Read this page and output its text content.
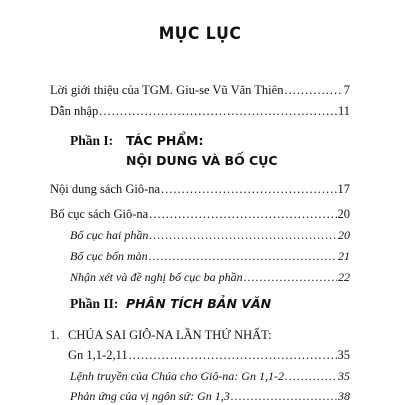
MỤC LỤC
Lời giới thiệu của TGM. Giu-se Vũ Văn Thiên .....	7
Dẫn nhập .....	11
Phần I: TÁC PHẨM:
NỘI DUNG VÀ BỐ CỤC
Nội dung sách Giô-na .....	17
Bố cục sách Giô-na .....	20
Bố cục hai phần .....	20
Bố cục bốn màn .....	21
Nhận xét và đề nghị bố cục ba phần .....	22
Phần II: PHÂN TÍCH BẢN VĂN
1. CHÚA SAI GIÔ-NA LẦN THỨ NHẤT:
Gn 1,1-2,11 .....	35
Lệnh truyền của Chúa cho Giô-na: Gn 1,1-2 .....	35
Phản ứng của vị ngôn sứ: Gn 1,3 .....	38
